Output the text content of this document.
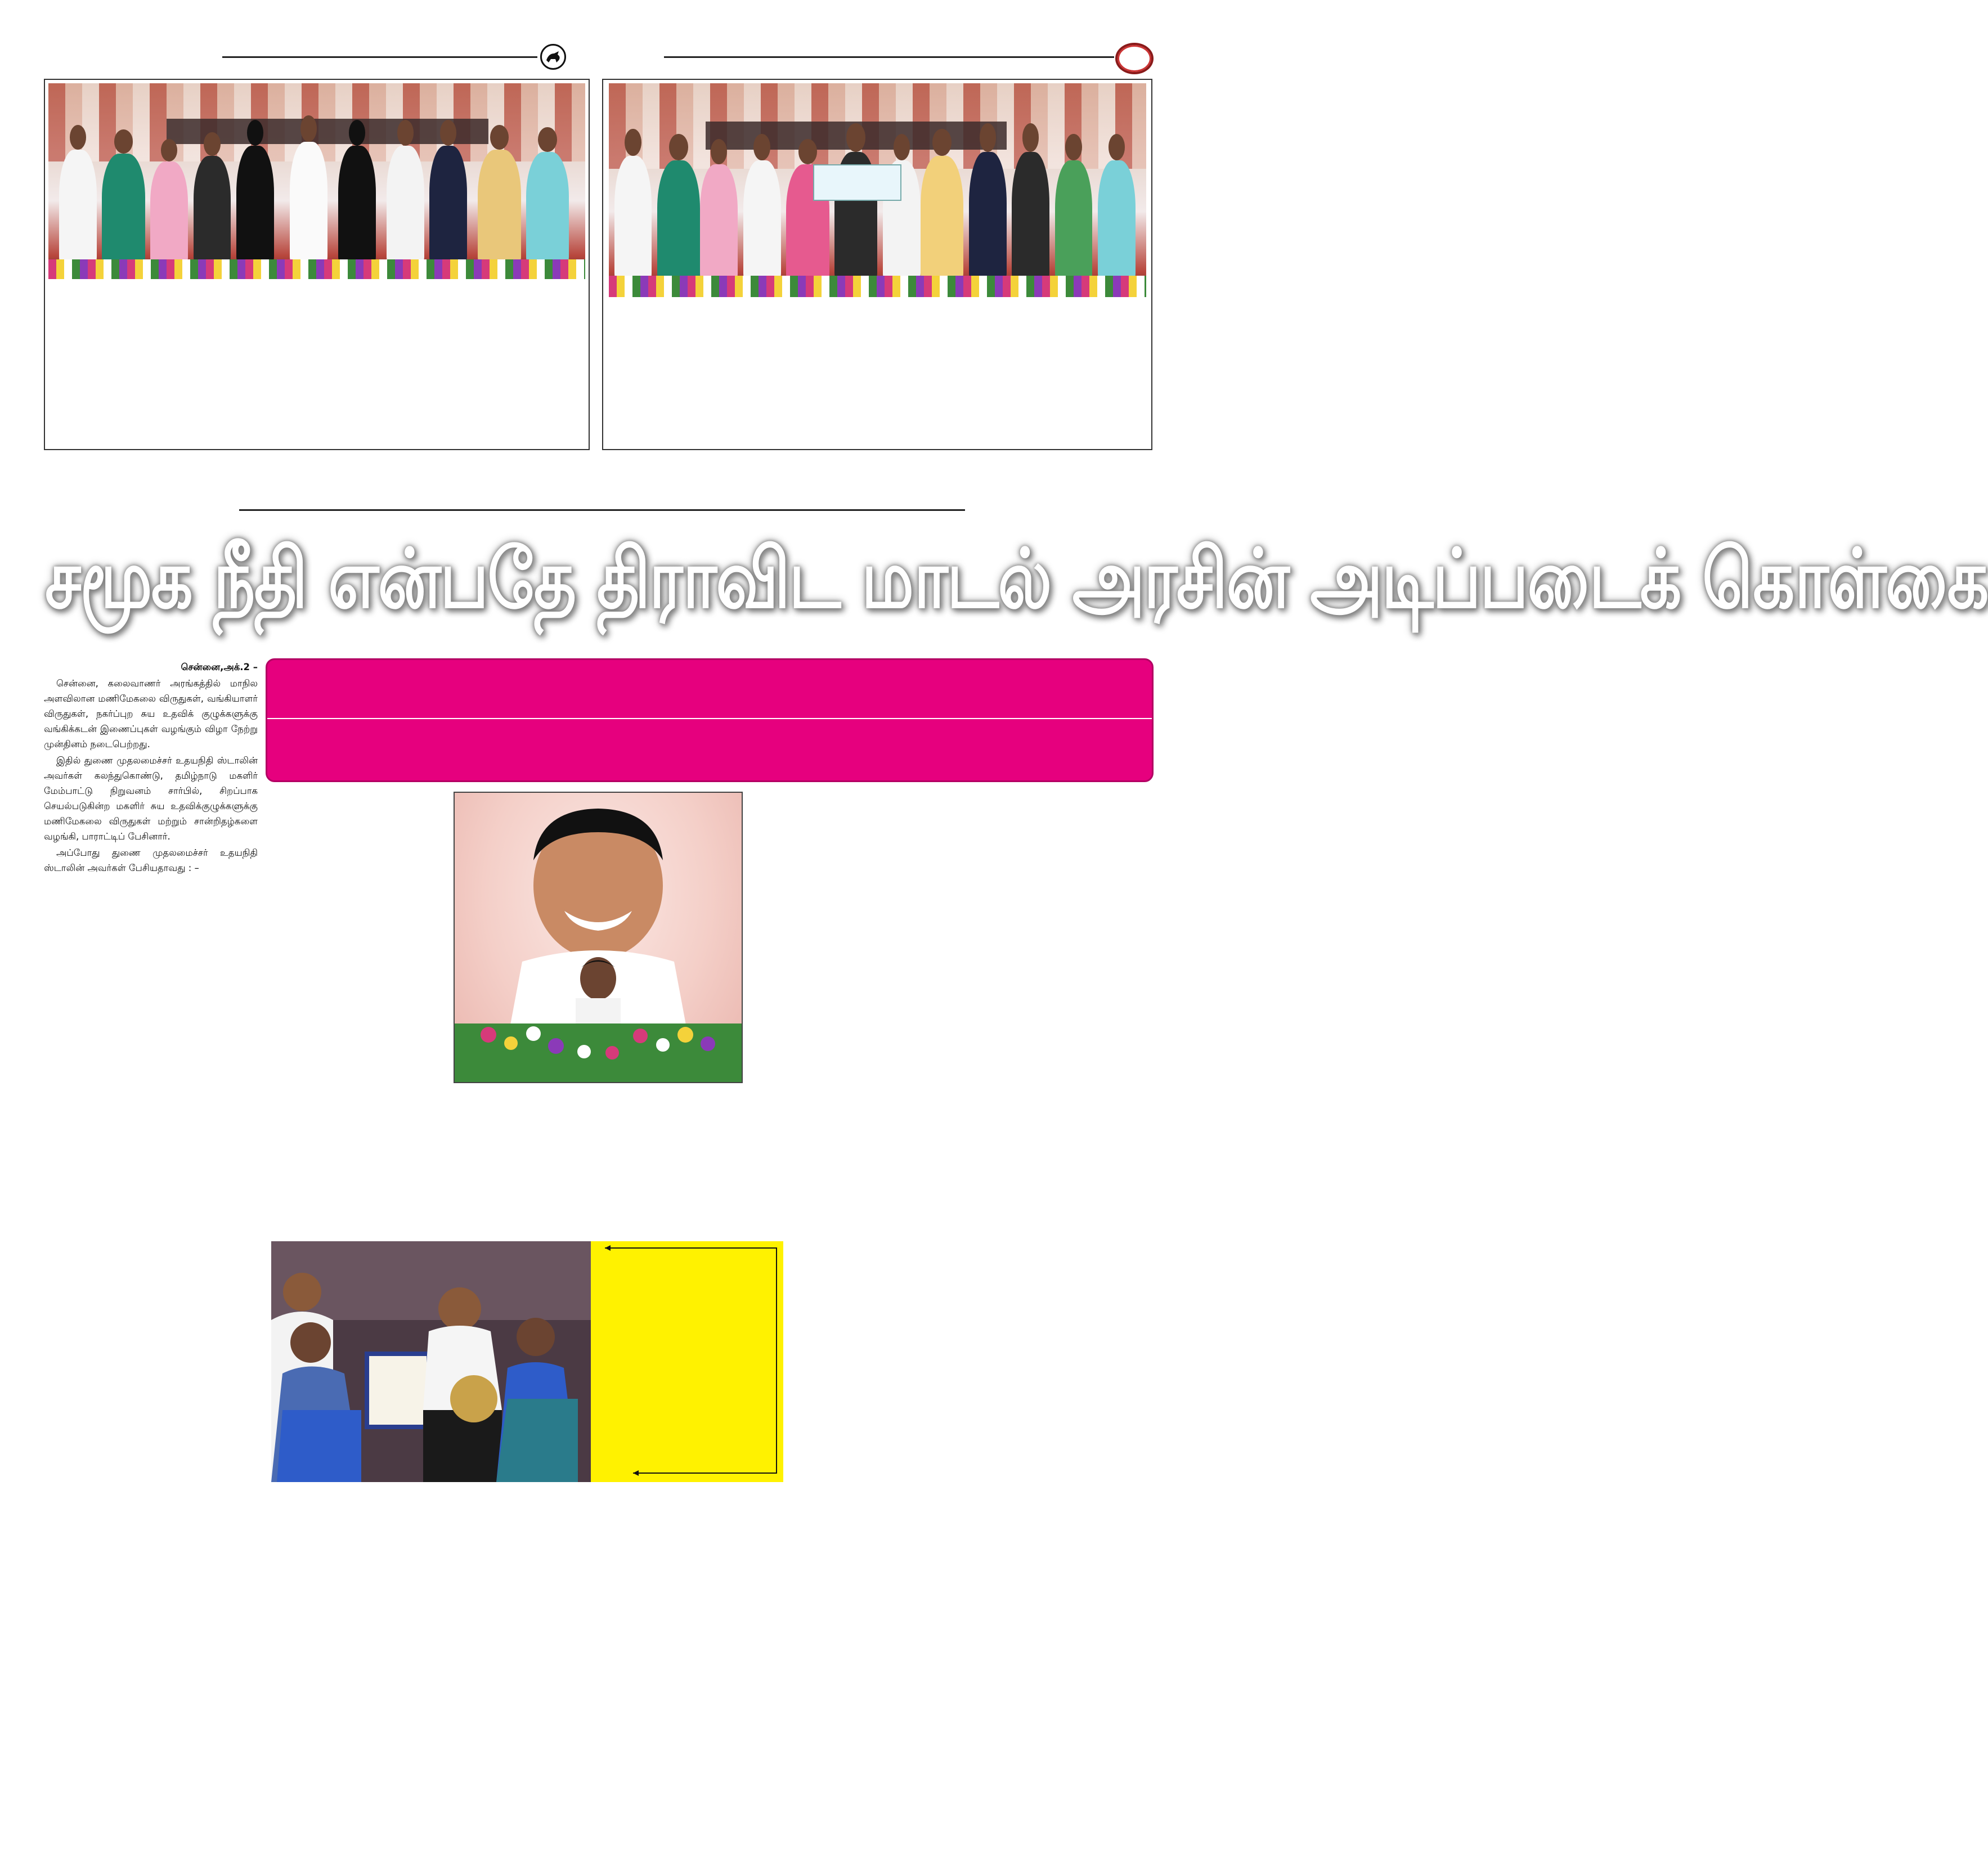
சமூக நீதி என்பதே திராவிட மாடல் அரசின் அடிப்படைக் கொள்கை
சென்னை,அக்.2 –

சென்னை, கலைவாணர் அரங்கத்தில் மாநில அளவிலான மணிமேகலை விருதுகள், வங்கியாளர் விருதுகள், நகர்ப்புற சுய உதவிக் குழுக்களுக்கு வங்கிக்கடன் இணைப்புகள் வழங்கும் விழா நேற்று முன்தினம் நடைபெற்றது.

இதில் துணை முதலமைச்சர் உதயநிதி ஸ்டாலின் அவர்கள் கலந்துகொண்டு, தமிழ்நாடு மகளிர் மேம்பாட்டு நிறுவனம் சார்பில், சிறப்பாக செயல்படுகின்ற மகளிர் சுய உதவிக்குழுக்களுக்கு மணிமேகலை விருதுகள் மற்றும் சான்றிதழ்களை வழங்கி, பாராட்டிப் பேசினார்.

அப்போது துணை முதலமைச்சர் உதயநிதி ஸ்டாலின் அவர்கள் பேசியதாவது : –
